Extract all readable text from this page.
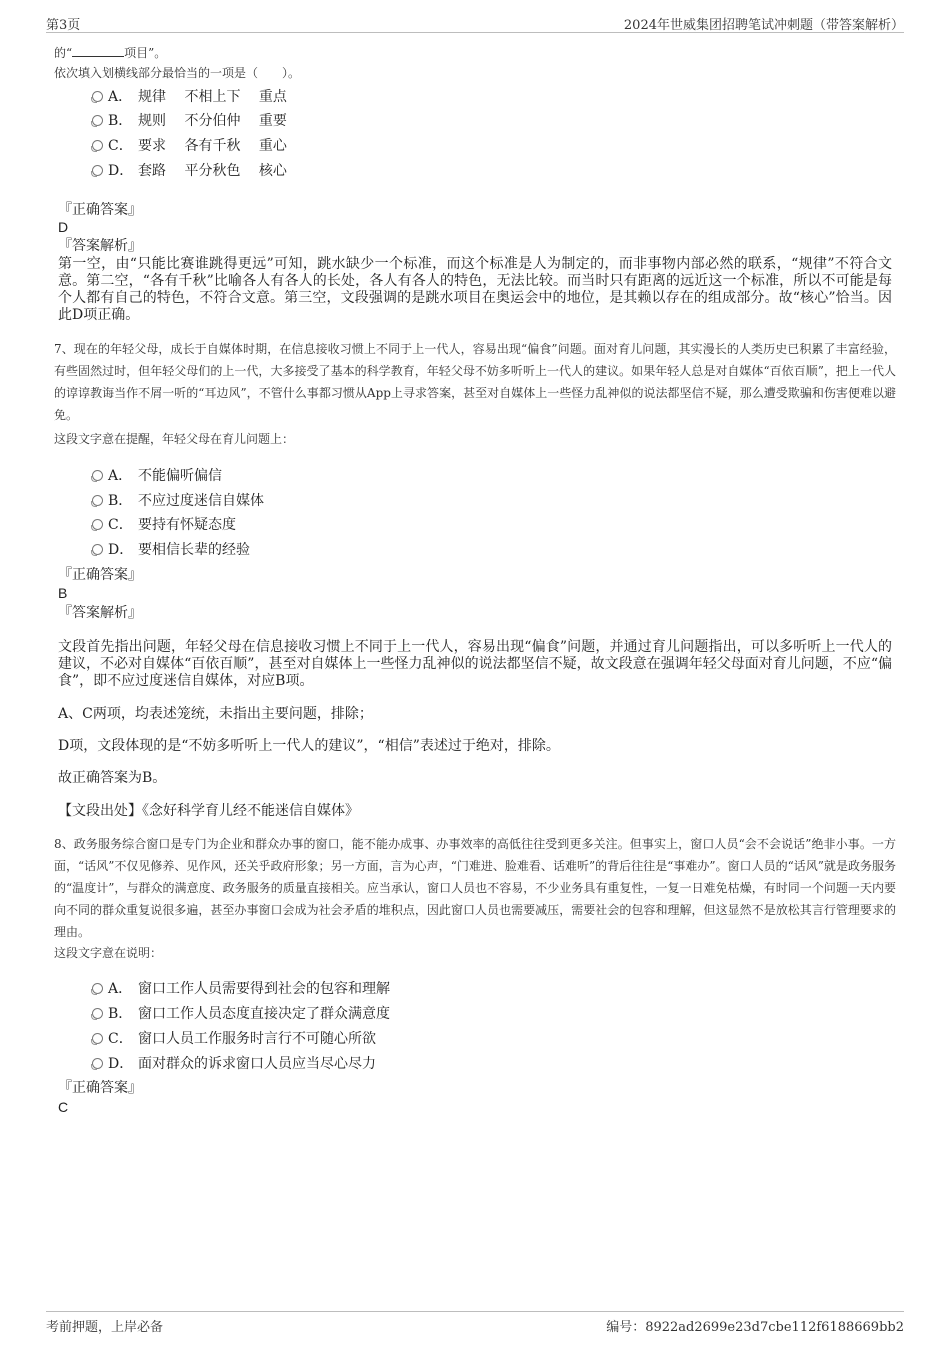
第3页	2024年世威集团招聘笔试冲刺题（带答案解析）
的“	项目”。
依次填入划横线部分最恰当的一项是（　　）。
A． 规律　 不相上下　 重点
B． 规则　 不分伯仲　 重要
C． 要求　 各有千秋　 重心
D． 套路　 平分秋色　 核心
『正确答案』
D
『答案解析』
第一空，由“只能比赛谁跳得更远”可知，跳水缺少一个标准，而这个标准是人为制定的，而非事物内部必然的联系，“规律”不符合文意。第二空，“各有千秋”比喻各人有各人的长处，各人有各人的特色，无法比较。而当时只有距离的远近这一个标准，所以不可能是每个人都有自己的特色，不符合文意。第三空，文段强调的是跳水项目在奥运会中的地位，是其赖以存在的组成部分。故“核心”恰当。因此D项正确。
7、现在的年轻父母，成长于自媒体时期，在信息接收习惯上不同于上一代人，容易出现“偏食”问题。面对育儿问题，其实漫长的人类历史已积累了丰富经验，有些固然过时，但年轻父母们的上一代，大多接受了基本的科学教育，年轻父母不妨多听听上一代人的建议。如果年轻人总是对自媒体“百依百顺”，把上一代人的谆谆教诲当作不屑一听的“耳边风”，不管什么事都习惯从App上寻求答案，甚至对自媒体上一些怪力乱神似的说法都坚信不疑，那么遭受欺骗和伤害便难以避免。
这段文字意在提醒，年轻父母在育儿问题上：
A． 不能偏听偏信
B． 不应过度迷信自媒体
C． 要持有怀疑态度
D． 要相信长辈的经验
『正确答案』
B
『答案解析』
文段首先指出问题，年轻父母在信息接收习惯上不同于上一代人，容易出现“偏食”问题，并通过育儿问题指出，可以多听听上一代人的建议，不必对自媒体“百依百顺”，甚至对自媒体上一些怪力乱神似的说法都坚信不疑，故文段意在强调年轻父母面对育儿问题，不应“偏食”，即不应过度迷信自媒体，对应B项。
A、C两项，均表述笼统，未指出主要问题，排除；
D项，文段体现的是“不妨多听听上一代人的建议”，“相信”表述过于绝对，排除。
故正确答案为B。
【文段出处】《念好科学育儿经不能迷信自媒体》
8、政务服务综合窗口是专门为企业和群众办事的窗口，能不能办成事、办事效率的高低往往受到更多关注。但事实上，窗口人员“会不会说话”绝非小事。一方面，“话风”不仅见修养、见作风，还关乎政府形象；另一方面，言为心声，“门难进、脸难看、话难听”的背后往往是“事难办”。窗口人员的“话风”就是政务服务的“温度计”，与群众的满意度、政务服务的质量直接相关。应当承认，窗口人员也不容易，不少业务具有重复性，一复一日难免枯燥，有时同一个问题一天内要向不同的群众重复说很多遍，甚至办事窗口会成为社会矛盾的堆积点，因此窗口人员也需要减压，需要社会的包容和理解，但这显然不是放松其言行管理要求的理由。
这段文字意在说明：
A． 窗口工作人员需要得到社会的包容和理解
B． 窗口工作人员态度直接决定了群众满意度
C． 窗口人员工作服务时言行不可随心所欲
D． 面对群众的诉求窗口人员应当尽心尽力
『正确答案』
C
考前押题，上岸必备	编号：8922ad2699e23d7cbe112f6188669bb2
